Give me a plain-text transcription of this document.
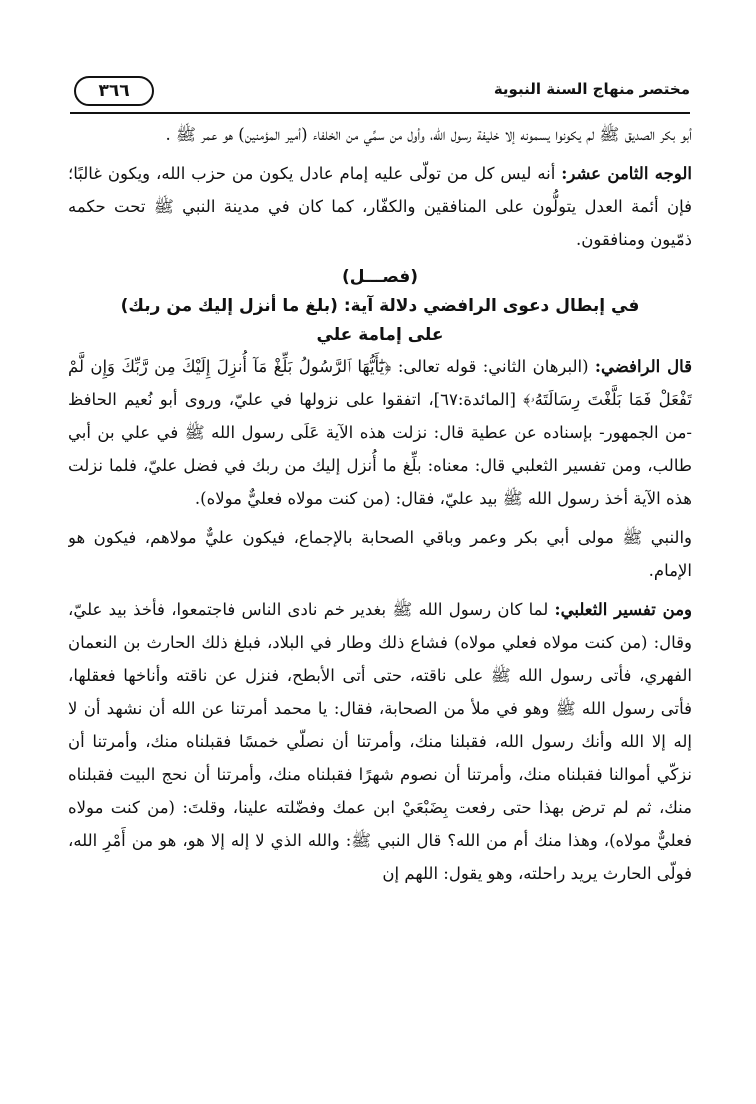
مختصر منهاج السنة النبوية
٣٦٦

أبو بكر الصديق ﷺ لم يكونوا يسمونه إلا خليفة رسول الله، وأول من سمِّي من الخلفاء (أمير المؤمنين) هو عمر ﷺ .

الوجه الثامن عشر: أنه ليس كل من تولّى عليه إمام عادل يكون من حزب الله، ويكون غالبًا؛ فإن أئمة العدل يتولُّون على المنافقين والكفّار، كما كان في مدينة النبي ﷺ تحت حكمه ذمّيون ومنافقون.

(فصـــل)
في إبطال دعوى الرافضي دلالة آية: (بلغ ما أنزل إليك من ربك)
على إمامة علي

قال الرافضي: (البرهان الثاني: قوله تعالى: ﴿يَٰٓأَيُّهَا ٱلرَّسُولُ بَلِّغْ مَآ أُنزِلَ إِلَيْكَ مِن رَّبِّكَ وَإِن لَّمْ تَفْعَلْ فَمَا بَلَّغْتَ رِسَالَتَهُۥ﴾ [المائدة:٦٧]، اتفقوا على نزولها في عليّ، وروى أبو نُعيم الحافظ -من الجمهور- بإسناده عن عطية قال: نزلت هذه الآية عَلَى رسول الله ﷺ في علي بن أبي طالب، ومن تفسير الثعلبي قال: معناه: بلِّغ ما أُنزل إليك من ربك في فضل عليّ، فلما نزلت هذه الآية أخذ رسول الله ﷺ بيد عليّ، فقال: (من كنت مولاه فعليٌّ مولاه).

والنبي ﷺ مولى أبي بكر وعمر وباقي الصحابة بالإجماع، فيكون عليٌّ مولاهم، فيكون هو الإمام.

ومن تفسير الثعلبي: لما كان رسول الله ﷺ بغدير خم نادى الناس فاجتمعوا، فأخذ بيد عليّ، وقال: (من كنت مولاه فعلي مولاه) فشاع ذلك وطار في البلاد، فبلغ ذلك الحارث بن النعمان الفهري، فأتى رسول الله ﷺ على ناقته، حتى أتى الأبطح، فنزل عن ناقته وأناخها فعقلها، فأتى رسول الله ﷺ وهو في ملأ من الصحابة، فقال: يا محمد أمرتنا عن الله أن نشهد أن لا إله إلا الله وأنك رسول الله، فقبلنا منك، وأمرتنا أن نصلّي خمسًا فقبلناه منك، وأمرتنا أن نزكّي أموالنا فقبلناه منك، وأمرتنا أن نصوم شهرًا فقبلناه منك، وأمرتنا أن نحج البيت فقبلناه منك، ثم لم ترض بهذا حتى رفعت بِضَبْعَيْ ابن عمك وفضّلته علينا، وقلتَ: (من كنت مولاه فعليٌّ مولاه)، وهذا منك أم من الله؟ قال النبي ﷺ: والله الذي لا إله إلا هو، هو من أَمْرِ الله، فولّى الحارث يريد راحلته، وهو يقول: اللهم إن
